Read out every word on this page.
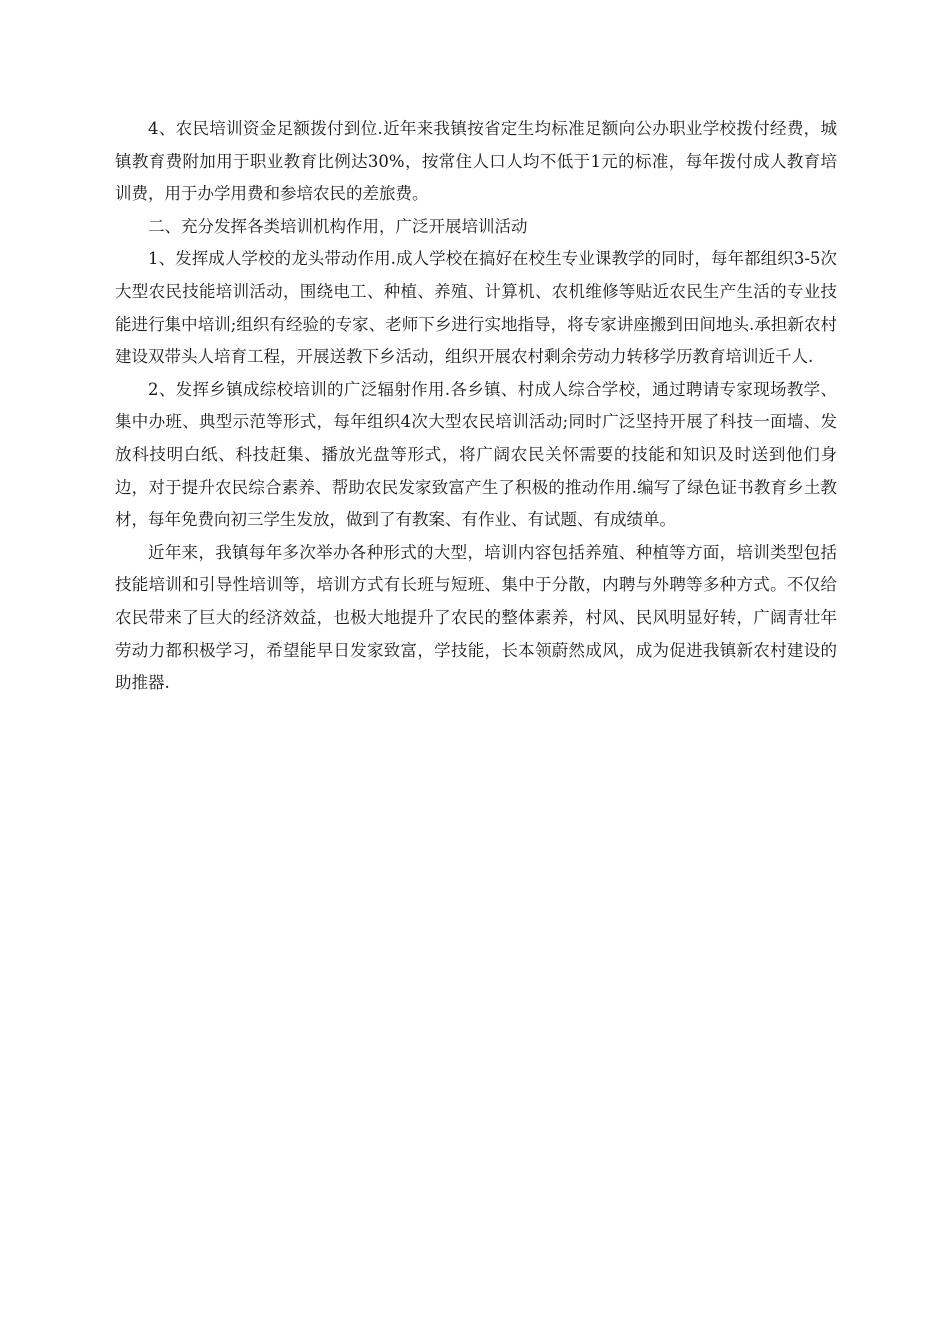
4、农民培训资金足额拨付到位.近年来我镇按省定生均标准足额向公办职业学校拨付经费，城镇教育费附加用于职业教育比例达30%，按常住人口人均不低于1元的标准，每年拨付成人教育培训费，用于办学用费和参培农民的差旅费。

二、充分发挥各类培训机构作用，广泛开展培训活动

1、发挥成人学校的龙头带动作用.成人学校在搞好在校生专业课教学的同时，每年都组织3-5次大型农民技能培训活动，围绕电工、种植、养殖、计算机、农机维修等贴近农民生产生活的专业技能进行集中培训;组织有经验的专家、老师下乡进行实地指导，将专家讲座搬到田间地头.承担新农村建设双带头人培育工程，开展送教下乡活动，组织开展农村剩余劳动力转移学历教育培训近千人.

2、发挥乡镇成综校培训的广泛辐射作用.各乡镇、村成人综合学校，通过聘请专家现场教学、集中办班、典型示范等形式，每年组织4次大型农民培训活动;同时广泛坚持开展了科技一面墙、发放科技明白纸、科技赶集、播放光盘等形式，将广阔农民关怀需要的技能和知识及时送到他们身边，对于提升农民综合素养、帮助农民发家致富产生了积极的推动作用.编写了绿色证书教育乡土教材，每年免费向初三学生发放，做到了有教案、有作业、有试题、有成绩单。

近年来，我镇每年多次举办各种形式的大型，培训内容包括养殖、种植等方面，培训类型包括技能培训和引导性培训等，培训方式有长班与短班、集中于分散，内聘与外聘等多种方式。不仅给农民带来了巨大的经济效益，也极大地提升了农民的整体素养，村风、民风明显好转，广阔青壮年劳动力都积极学习，希望能早日发家致富，学技能，长本领蔚然成风，成为促进我镇新农村建设的助推器.
